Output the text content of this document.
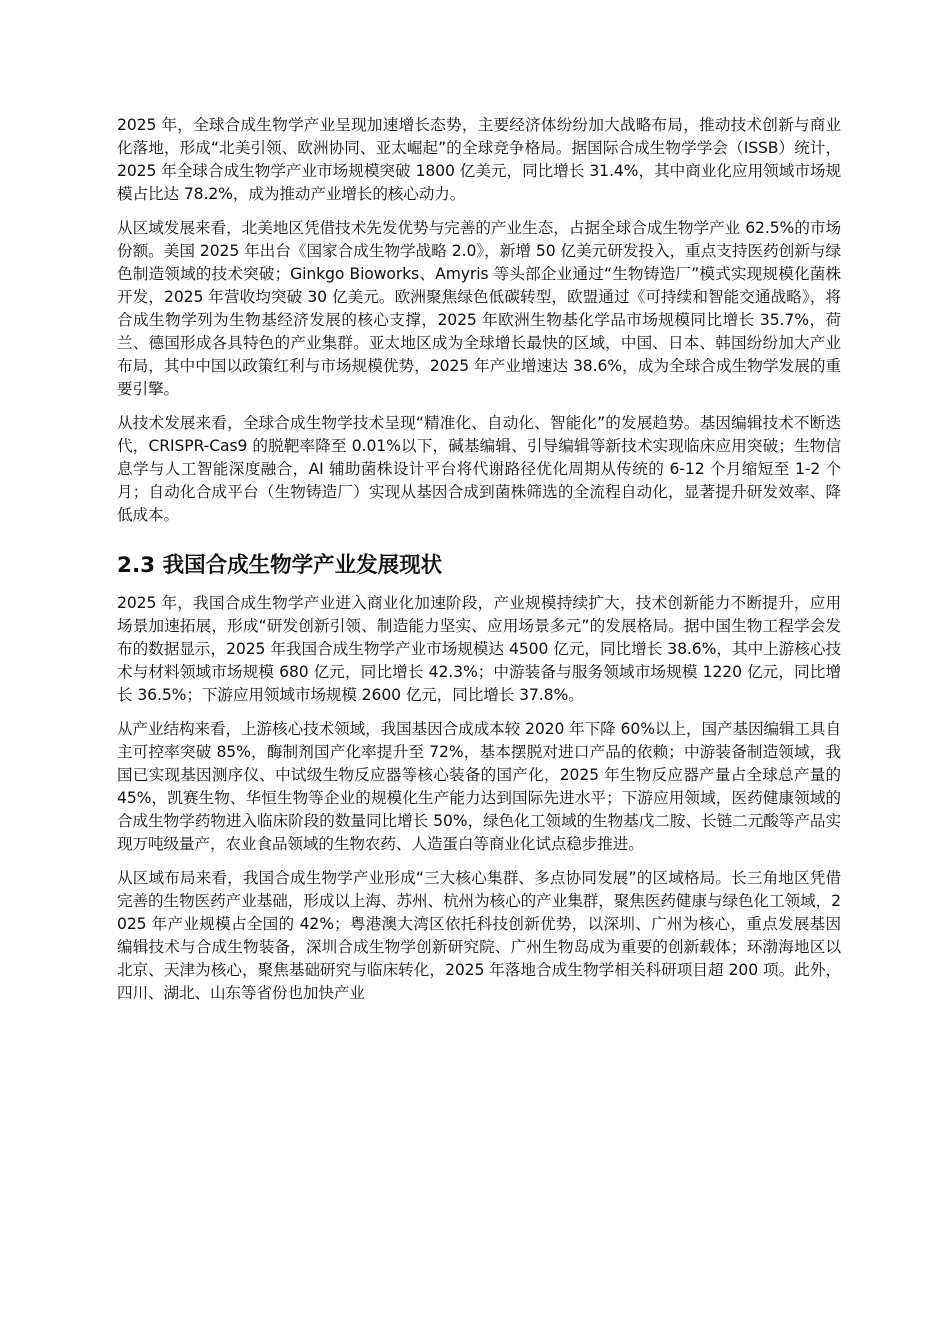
2025 年，全球合成生物学产业呈现加速增长态势，主要经济体纷纷加大战略布局，推动技术创新与商业化落地，形成“北美引领、欧洲协同、亚太崛起”的全球竞争格局。据国际合成生物学学会（ISSB）统计，2025 年全球合成生物学产业市场规模突破 1800 亿美元，同比增长 31.4%，其中商业化应用领域市场规模占比达 78.2%，成为推动产业增长的核心动力。

从区域发展来看，北美地区凭借技术先发优势与完善的产业生态，占据全球合成生物学产业 62.5%的市场份额。美国 2025 年出台《国家合成生物学战略 2.0》，新增 50 亿美元研发投入，重点支持医药创新与绿色制造领域的技术突破；Ginkgo Bioworks、Amyris 等头部企业通过“生物铸造厂”模式实现规模化菌株开发，2025 年营收均突破 30 亿美元。欧洲聚焦绿色低碳转型，欧盟通过《可持续和智能交通战略》，将合成生物学列为生物基经济发展的核心支撑，2025 年欧洲生物基化学品市场规模同比增长 35.7%，荷兰、德国形成各具特色的产业集群。亚太地区成为全球增长最快的区域，中国、日本、韩国纷纷加大产业布局，其中中国以政策红利与市场规模优势，2025 年产业增速达 38.6%，成为全球合成生物学发展的重要引擎。

从技术发展来看，全球合成生物学技术呈现“精准化、自动化、智能化”的发展趋势。基因编辑技术不断迭代，CRISPR-Cas9 的脱靶率降至 0.01%以下，碱基编辑、引导编辑等新技术实现临床应用突破；生物信息学与人工智能深度融合，AI 辅助菌株设计平台将代谢路径优化周期从传统的 6-12 个月缩短至 1-2 个月；自动化合成平台（生物铸造厂）实现从基因合成到菌株筛选的全流程自动化，显著提升研发效率、降低成本。

2.3 我国合成生物学产业发展现状

2025 年，我国合成生物学产业进入商业化加速阶段，产业规模持续扩大，技术创新能力不断提升，应用场景加速拓展，形成“研发创新引领、制造能力坚实、应用场景多元”的发展格局。据中国生物工程学会发布的数据显示，2025 年我国合成生物学产业市场规模达 4500 亿元，同比增长 38.6%，其中上游核心技术与材料领域市场规模 680 亿元，同比增长 42.3%；中游装备与服务领域市场规模 1220 亿元，同比增长 36.5%；下游应用领域市场规模 2600 亿元，同比增长 37.8%。

从产业结构来看，上游核心技术领域，我国基因合成成本较 2020 年下降 60%以上，国产基因编辑工具自主可控率突破 85%，酶制剂国产化率提升至 72%，基本摆脱对进口产品的依赖；中游装备制造领域，我国已实现基因测序仪、中试级生物反应器等核心装备的国产化，2025 年生物反应器产量占全球总产量的 45%，凯赛生物、华恒生物等企业的规模化生产能力达到国际先进水平；下游应用领域，医药健康领域的合成生物学药物进入临床阶段的数量同比增长 50%，绿色化工领域的生物基戊二胺、长链二元酸等产品实现万吨级量产，农业食品领域的生物农药、人造蛋白等商业化试点稳步推进。

从区域布局来看，我国合成生物学产业形成“三大核心集群、多点协同发展”的区域格局。长三角地区凭借完善的生物医药产业基础，形成以上海、苏州、杭州为核心的产业集群，聚焦医药健康与绿色化工领域，2025 年产业规模占全国的 42%；粤港澳大湾区依托科技创新优势，以深圳、广州为核心，重点发展基因编辑技术与合成生物装备，深圳合成生物学创新研究院、广州生物岛成为重要的创新载体；环渤海地区以北京、天津为核心，聚焦基础研究与临床转化，2025 年落地合成生物学相关科研项目超 200 项。此外，四川、湖北、山东等省份也加快产业
